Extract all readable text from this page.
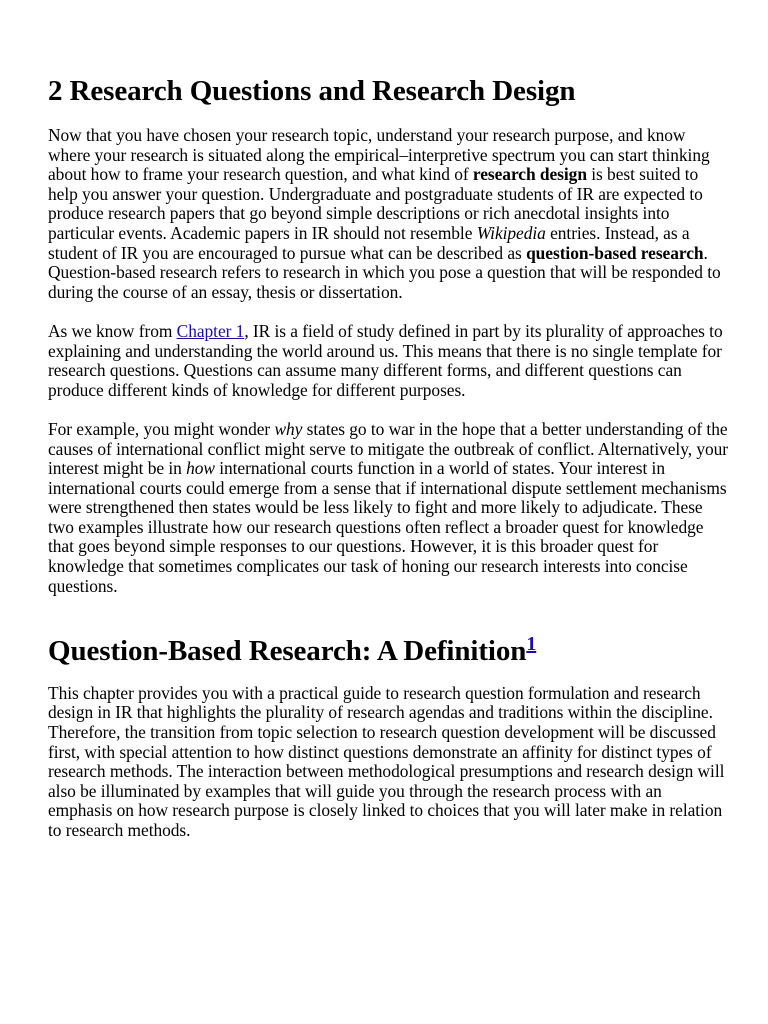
2 Research Questions and Research Design

Now that you have chosen your research topic, understand your research purpose, and know where your research is situated along the empirical–interpretive spectrum you can start thinking about how to frame your research question, and what kind of research design is best suited to help you answer your question. Undergraduate and postgraduate students of IR are expected to produce research papers that go beyond simple descriptions or rich anecdotal insights into particular events. Academic papers in IR should not resemble Wikipedia entries. Instead, as a student of IR you are encouraged to pursue what can be described as question-based research. Question-based research refers to research in which you pose a question that will be responded to during the course of an essay, thesis or dissertation.

As we know from Chapter 1, IR is a field of study defined in part by its plurality of approaches to explaining and understanding the world around us. This means that there is no single template for research questions. Questions can assume many different forms, and different questions can produce different kinds of knowledge for different purposes.

For example, you might wonder why states go to war in the hope that a better understanding of the causes of international conflict might serve to mitigate the outbreak of conflict. Alternatively, your interest might be in how international courts function in a world of states. Your interest in international courts could emerge from a sense that if international dispute settlement mechanisms were strengthened then states would be less likely to fight and more likely to adjudicate. These two examples illustrate how our research questions often reflect a broader quest for knowledge that goes beyond simple responses to our questions. However, it is this broader quest for knowledge that sometimes complicates our task of honing our research interests into concise questions.

Question-Based Research: A Definition$^1$

This chapter provides you with a practical guide to research question formulation and research design in IR that highlights the plurality of research agendas and traditions within the discipline. Therefore, the transition from topic selection to research question development will be discussed first, with special attention to how distinct questions demonstrate an affinity for distinct types of research methods. The interaction between methodological presumptions and research design will also be illuminated by examples that will guide you through the research process with an emphasis on how research purpose is closely linked to choices that you will later make in relation to research methods.
